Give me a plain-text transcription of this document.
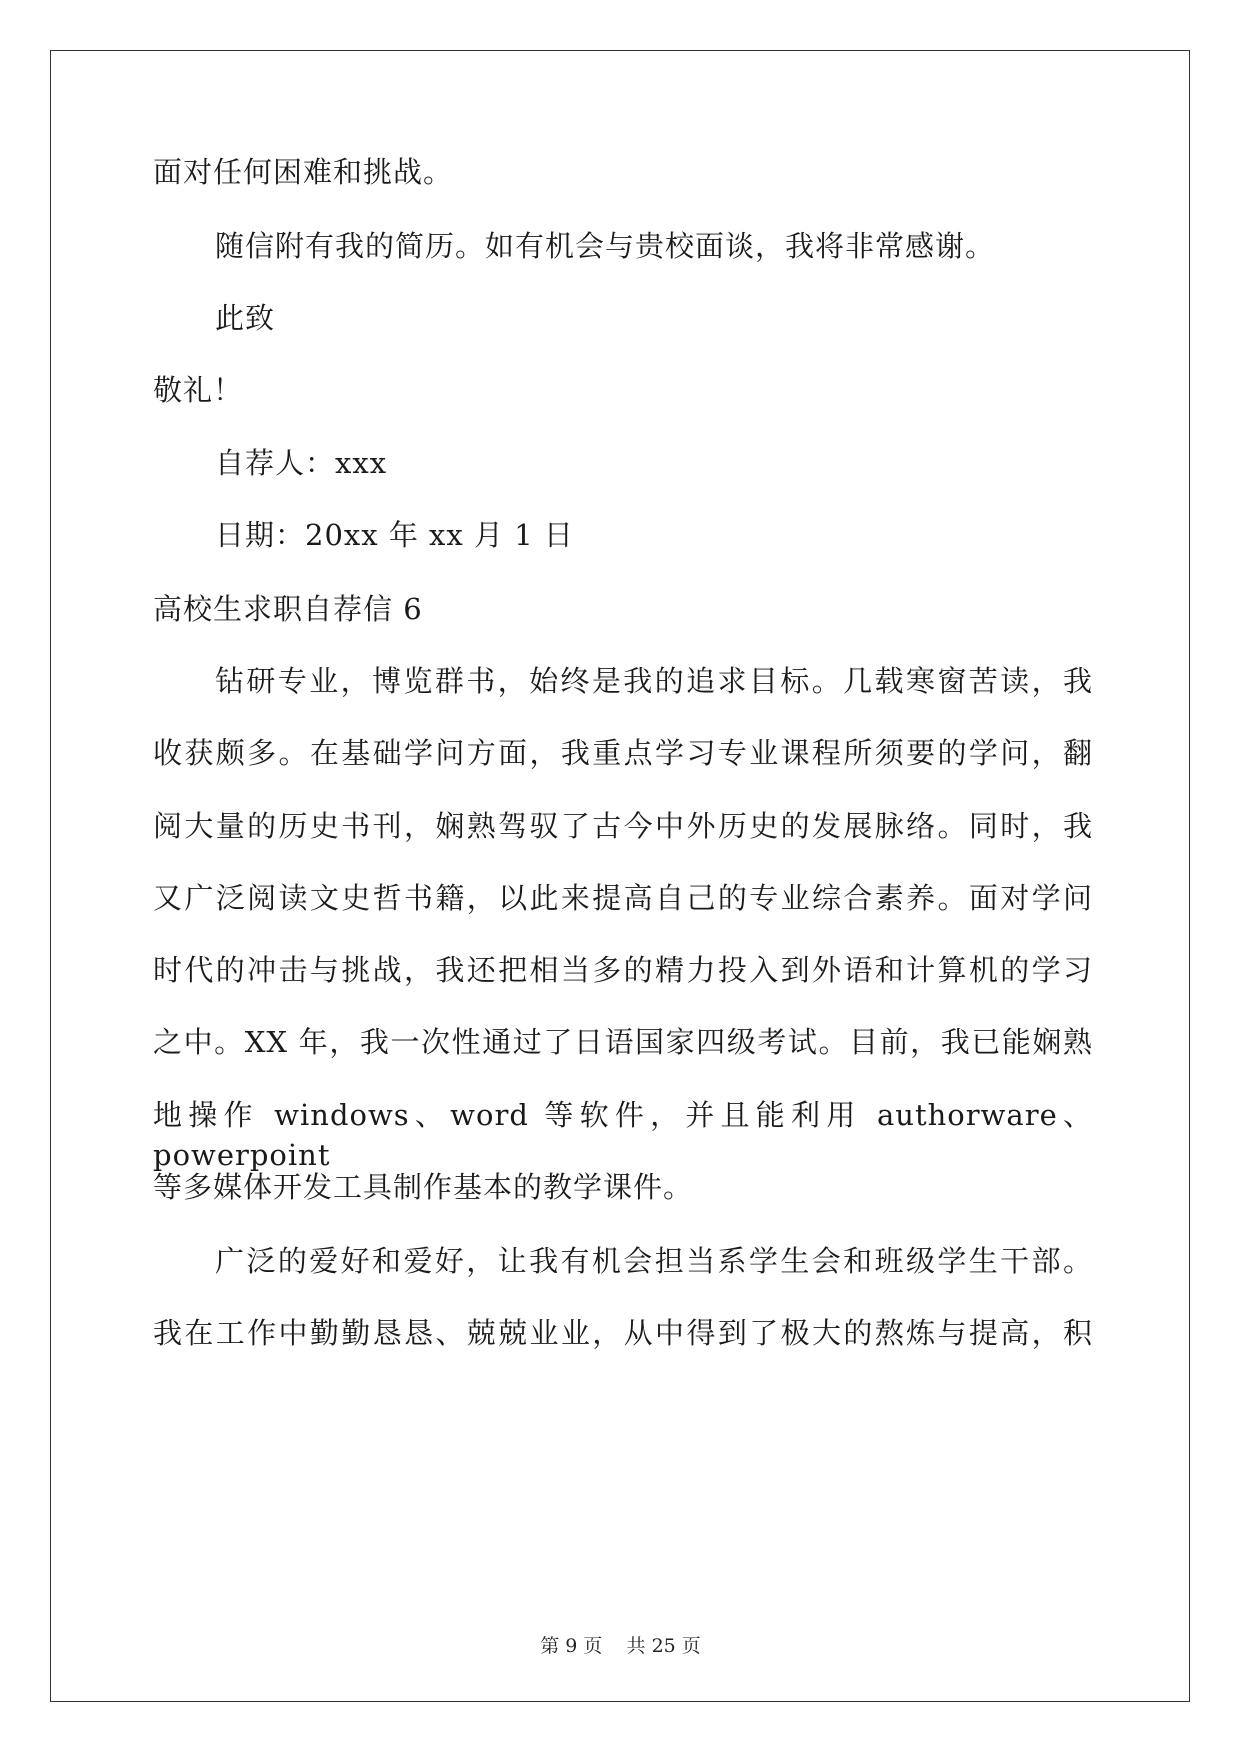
面对任何困难和挑战。
随信附有我的简历。如有机会与贵校面谈，我将非常感谢。
此致
敬礼！
自荐人：xxx
日期：20xx 年 xx 月 1 日
高校生求职自荐信 6
钻研专业，博览群书，始终是我的追求目标。几载寒窗苦读，我
收获颇多。在基础学问方面，我重点学习专业课程所须要的学问，翻
阅大量的历史书刊，娴熟驾驭了古今中外历史的发展脉络。同时，我
又广泛阅读文史哲书籍，以此来提高自己的专业综合素养。面对学问
时代的冲击与挑战，我还把相当多的精力投入到外语和计算机的学习
之中。XX 年，我一次性通过了日语国家四级考试。目前，我已能娴熟
地操作 windows、word 等软件，并且能利用 authorware、powerpoint
等多媒体开发工具制作基本的教学课件。
广泛的爱好和爱好，让我有机会担当系学生会和班级学生干部。
我在工作中勤勤恳恳、兢兢业业，从中得到了极大的熬炼与提高，积
第 9 页 共 25 页
